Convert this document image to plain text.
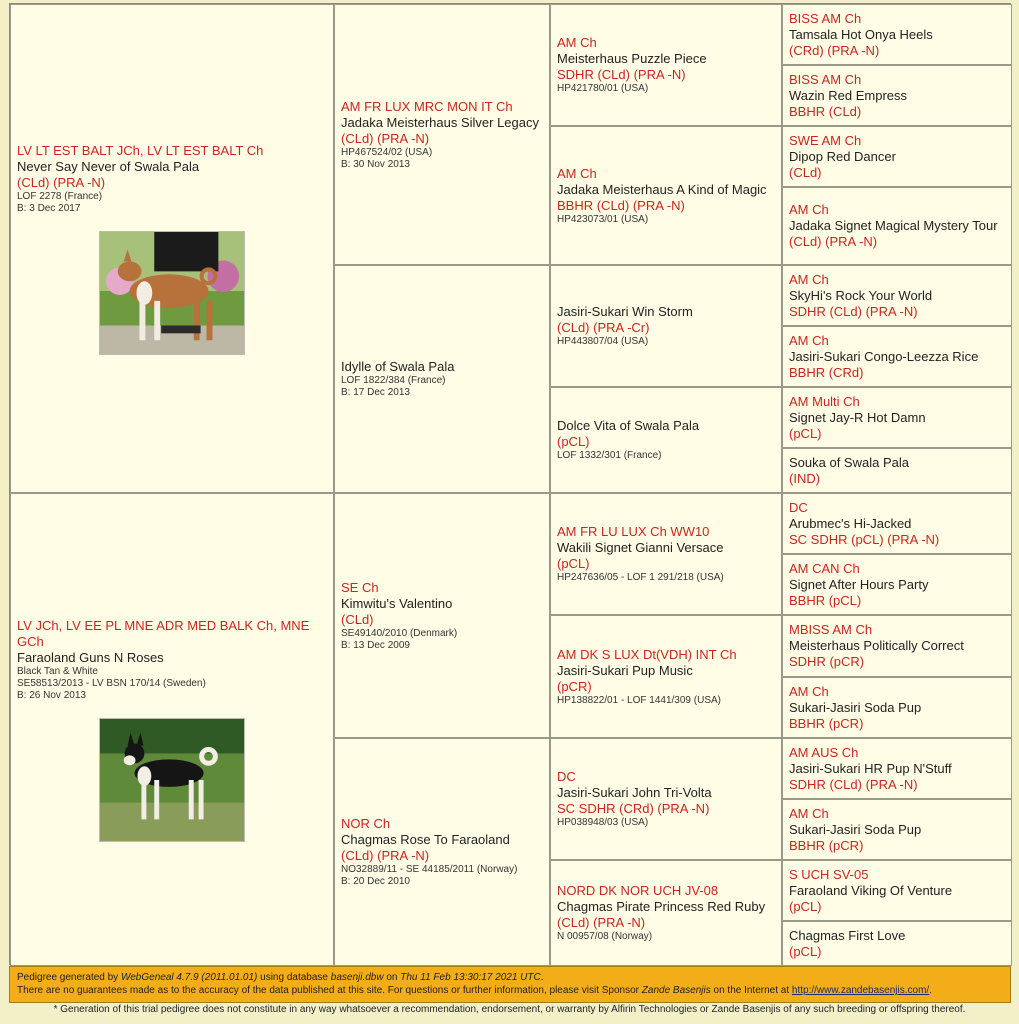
LV LT EST BALT JCh, LV LT EST BALT Ch
Never Say Never of Swala Pala
(CLd) (PRA -N)
LOF 2278 (France)
B: 3 Dec 2017
LV JCh, LV EE PL MNE ADR MED BALK Ch, MNE GCh
Faraoland Guns N Roses
Black Tan & White
SE58513/2013 - LV BSN 170/14 (Sweden)
B: 26 Nov 2013
AM FR LUX MRC MON IT Ch
Jadaka Meisterhaus Silver Legacy
(CLd) (PRA -N)
HP467524/02 (USA)
B: 30 Nov 2013
Idylle of Swala Pala
LOF 1822/384 (France)
B: 17 Dec 2013
SE Ch
Kimwitu's Valentino
(CLd)
SE49140/2010 (Denmark)
B: 13 Dec 2009
NOR Ch
Chagmas Rose To Faraoland
(CLd) (PRA -N)
NO32889/11 - SE 44185/2011 (Norway)
B: 20 Dec 2010
AM Ch
Meisterhaus Puzzle Piece
SDHR (CLd) (PRA -N)
HP421780/01 (USA)
AM Ch
Jadaka Meisterhaus A Kind of Magic
BBHR (CLd) (PRA -N)
HP423073/01 (USA)
Jasiri-Sukari Win Storm
(CLd) (PRA -Cr)
HP443807/04 (USA)
Dolce Vita of Swala Pala
(pCL)
LOF 1332/301 (France)
AM FR LU LUX Ch WW10
Wakili Signet Gianni Versace
(pCL)
HP247636/05 - LOF 1 291/218 (USA)
AM DK S LUX Dt(VDH) INT Ch
Jasiri-Sukari Pup Music
(pCR)
HP138822/01 - LOF 1441/309 (USA)
DC
Jasiri-Sukari John Tri-Volta
SC SDHR (CRd) (PRA -N)
HP038948/03 (USA)
NORD DK NOR UCH JV-08
Chagmas Pirate Princess Red Ruby
(CLd) (PRA -N)
N 00957/08 (Norway)
BISS AM Ch
Tamsala Hot Onya Heels
(CRd) (PRA -N)
BISS AM Ch
Wazin Red Empress
BBHR (CLd)
SWE AM Ch
Dipop Red Dancer
(CLd)
AM Ch
Jadaka Signet Magical Mystery Tour
(CLd) (PRA -N)
AM Ch
SkyHi's Rock Your World
SDHR (CLd) (PRA -N)
AM Ch
Jasiri-Sukari Congo-Leezza Rice
BBHR (CRd)
AM Multi Ch
Signet Jay-R Hot Damn
(pCL)
Souka of Swala Pala
(IND)
DC
Arubmec's Hi-Jacked
SC SDHR (pCL) (PRA -N)
AM CAN Ch
Signet After Hours Party
BBHR (pCL)
MBISS AM Ch
Meisterhaus Politically Correct
SDHR (pCR)
AM Ch
Sukari-Jasiri Soda Pup
BBHR (pCR)
AM AUS Ch
Jasiri-Sukari HR Pup N'Stuff
SDHR (CLd) (PRA -N)
AM Ch
Sukari-Jasiri Soda Pup
BBHR (pCR)
S UCH SV-05
Faraoland Viking Of Venture
(pCL)
Chagmas First Love
(pCL)
Pedigree generated by WebGeneal 4.7.9 (2011.01.01) using database basenji.dbw on Thu 11 Feb 13:30:17 2021 UTC.
There are no guarantees made as to the accuracy of the data published at this site. For questions or further information, please visit Sponsor Zande Basenjis on the Internet at http://www.zandebasenjis.com/.
* Generation of this trial pedigree does not constitute in any way whatsoever a recommendation, endorsement, or warranty by Alfirin Technologies or Zande Basenjis of any such breeding or offspring thereof.
